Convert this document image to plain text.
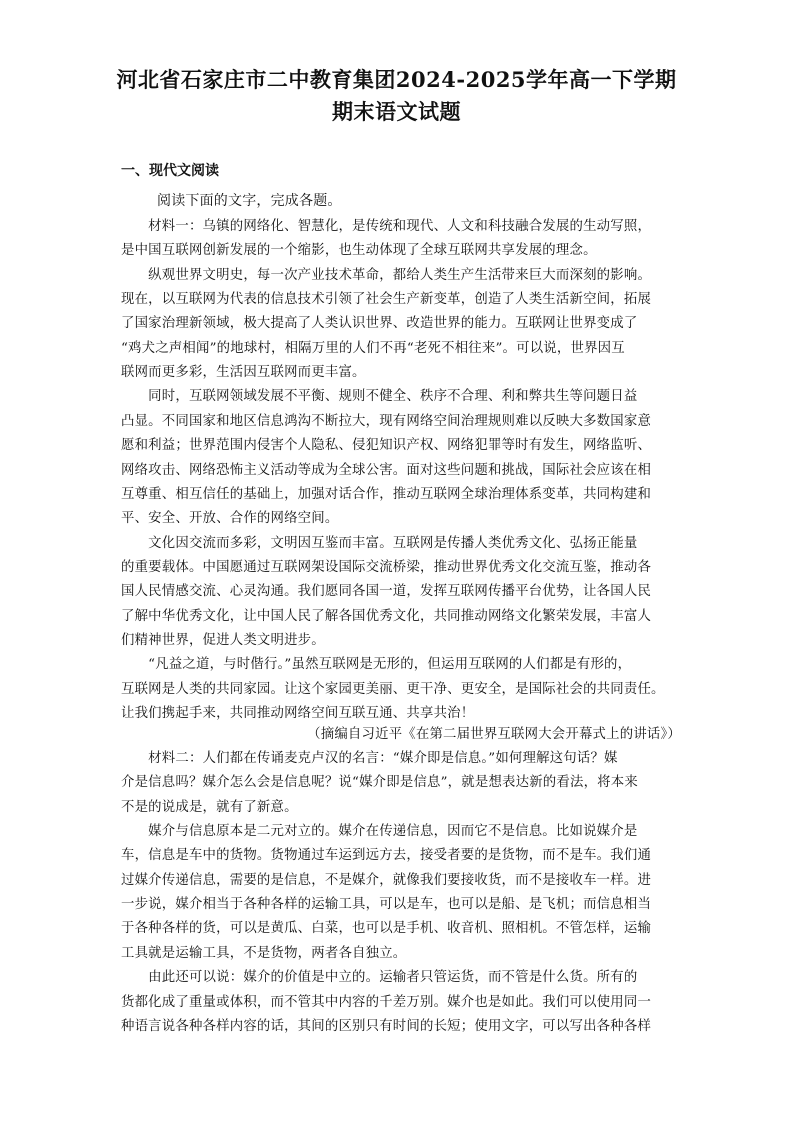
河北省石家庄市二中教育集团2024-2025学年高一下学期
期末语文试题
一、现代文阅读
阅读下面的文字，完成各题。
　　材料一：乌镇的网络化、智慧化，是传统和现代、人文和科技融合发展的生动写照，
是中国互联网创新发展的一个缩影，也生动体现了全球互联网共享发展的理念。
　　纵观世界文明史，每一次产业技术革命，都给人类生产生活带来巨大而深刻的影响。
现在，以互联网为代表的信息技术引领了社会生产新变革，创造了人类生活新空间，拓展
了国家治理新领域，极大提高了人类认识世界、改造世界的能力。互联网让世界变成了
“鸡犬之声相闻”的地球村，相隔万里的人们不再“老死不相往来”。可以说，世界因互
联网而更多彩，生活因互联网而更丰富。
　　同时，互联网领域发展不平衡、规则不健全、秩序不合理、利和弊共生等问题日益
凸显。不同国家和地区信息鸿沟不断拉大，现有网络空间治理规则难以反映大多数国家意
愿和利益；世界范围内侵害个人隐私、侵犯知识产权、网络犯罪等时有发生，网络监听、
网络攻击、网络恐怖主义活动等成为全球公害。面对这些问题和挑战，国际社会应该在相
互尊重、相互信任的基础上，加强对话合作，推动互联网全球治理体系变革，共同构建和
平、安全、开放、合作的网络空间。
　　文化因交流而多彩，文明因互鉴而丰富。互联网是传播人类优秀文化、弘扬正能量
的重要载体。中国愿通过互联网架设国际交流桥梁，推动世界优秀文化交流互鉴，推动各
国人民情感交流、心灵沟通。我们愿同各国一道，发挥互联网传播平台优势，让各国人民
了解中华优秀文化，让中国人民了解各国优秀文化，共同推动网络文化繁荣发展，丰富人
们精神世界，促进人类文明进步。
　　“凡益之道，与时偕行。”虽然互联网是无形的，但运用互联网的人们都是有形的，
互联网是人类的共同家园。让这个家园更美丽、更干净、更安全，是国际社会的共同责任。
让我们携起手来，共同推动网络空间互联互通、共享共治！
（摘编自习近平《在第二届世界互联网大会开幕式上的讲话》）
　　材料二：人们都在传诵麦克卢汉的名言：“媒介即是信息。”如何理解这句话？媒
介是信息吗？媒介怎么会是信息呢？说“媒介即是信息”，就是想表达新的看法，将本来
不是的说成是，就有了新意。
　　媒介与信息原本是二元对立的。媒介在传递信息，因而它不是信息。比如说媒介是
车，信息是车中的货物。货物通过车运到远方去，接受者要的是货物，而不是车。我们通
过媒介传递信息，需要的是信息，不是媒介，就像我们要接收货，而不是接收车一样。进
一步说，媒介相当于各种各样的运输工具，可以是车，也可以是船、是飞机；而信息相当
于各种各样的货，可以是黄瓜、白菜，也可以是手机、收音机、照相机。不管怎样，运输
工具就是运输工具，不是货物，两者各自独立。
　　由此还可以说：媒介的价值是中立的。运输者只管运货，而不管是什么货。所有的
货都化成了重量或体积，而不管其中内容的千差万别。媒介也是如此。我们可以使用同一
种语言说各种各样内容的话，其间的区别只有时间的长短；使用文字，可以写出各种各样
